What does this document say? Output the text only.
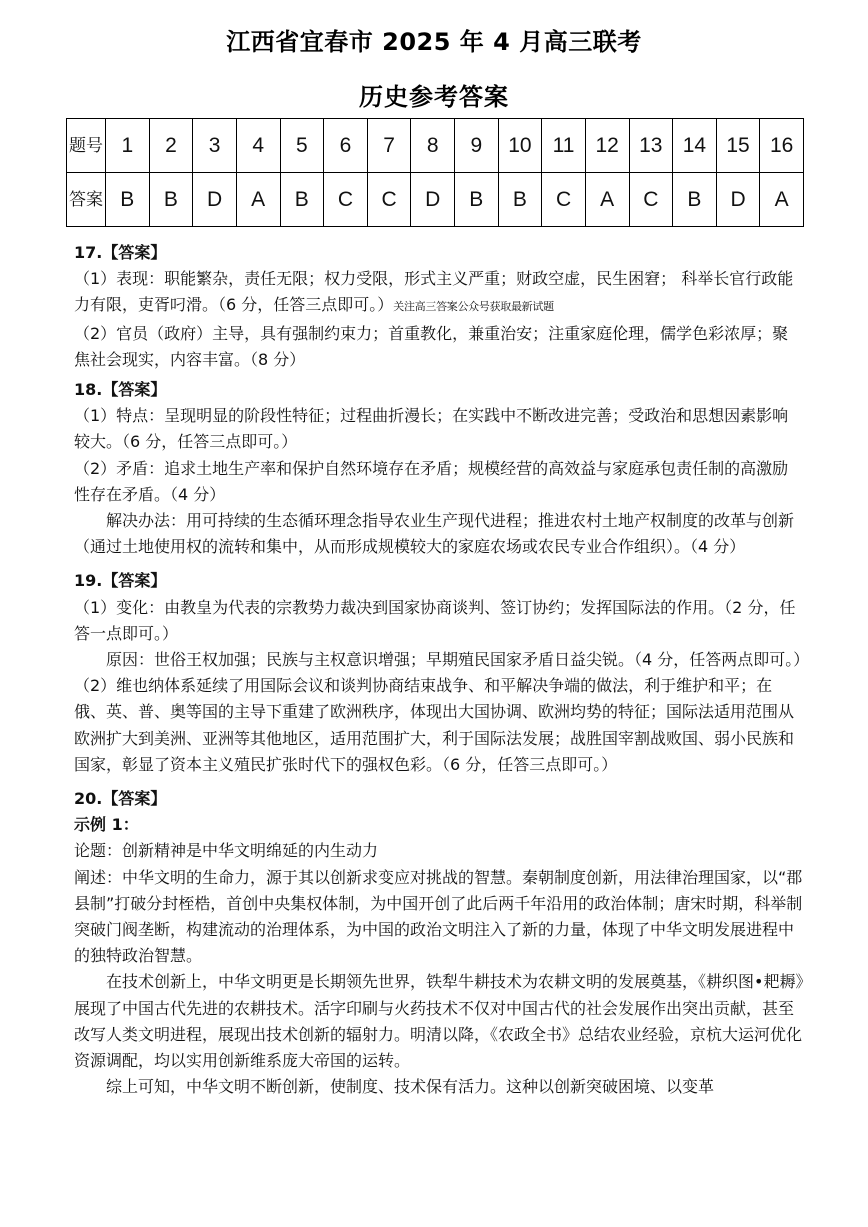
江西省宜春市 2025 年 4 月高三联考
历史参考答案
题号	1	2	3	4	5	6	7	8	9	10	11	12	13	14	15	16
答案	B	B	D	A	B	C	C	D	B	B	C	A	C	B	D	A

17.【答案】

（1）表现：职能繁杂，责任无限；权力受限，形式主义严重；财政空虚，民生困窘； 科举长官行政能力有限，吏胥叼滑。（6 分，任答三点即可。）关注高三答案公众号获取最新试题

（2）官员（政府）主导，具有强制约束力；首重教化，兼重治安；注重家庭伦理，儒学色彩浓厚；聚焦社会现实，内容丰富。（8 分）

18.【答案】

（1）特点：呈现明显的阶段性特征；过程曲折漫长；在实践中不断改进完善；受政治和思想因素影响较大。（6 分，任答三点即可。）

（2）矛盾：追求土地生产率和保护自然环境存在矛盾；规模经营的高效益与家庭承包责任制的高激励性存在矛盾。（4 分）

解决办法：用可持续的生态循环理念指导农业生产现代进程；推进农村土地产权制度的改革与创新（通过土地使用权的流转和集中，从而形成规模较大的家庭农场或农民专业合作组织）。（4 分）

19.【答案】

（1）变化：由教皇为代表的宗教势力裁决到国家协商谈判、签订协约；发挥国际法的作用。（2 分，任答一点即可。）

原因：世俗王权加强；民族与主权意识增强；早期殖民国家矛盾日益尖锐。（4 分，任答两点即可。）

（2）维也纳体系延续了用国际会议和谈判协商结束战争、和平解决争端的做法，利于维护和平；在俄、英、普、奥等国的主导下重建了欧洲秩序，体现出大国协调、欧洲均势的特征；国际法适用范围从欧洲扩大到美洲、亚洲等其他地区，适用范围扩大，利于国际法发展；战胜国宰割战败国、弱小民族和国家，彰显了资本主义殖民扩张时代下的强权色彩。（6 分，任答三点即可。）

20.【答案】

示例 1：

论题：创新精神是中华文明绵延的内生动力

阐述：中华文明的生命力，源于其以创新求变应对挑战的智慧。秦朝制度创新，用法律治理国家，以“郡县制”打破分封桎梏，首创中央集权体制，为中国开创了此后两千年沿用的政治体制；唐宋时期，科举制突破门阀垄断，构建流动的治理体系，为中国的政治文明注入了新的力量，体现了中华文明发展进程中的独特政治智慧。

在技术创新上，中华文明更是长期领先世界，铁犁牛耕技术为农耕文明的发展奠基，《耕织图•耙耨》展现了中国古代先进的农耕技术。活字印刷与火药技术不仅对中国古代的社会发展作出突出贡献，甚至改写人类文明进程，展现出技术创新的辐射力。明清以降，《农政全书》总结农业经验，京杭大运河优化资源调配，均以实用创新维系庞大帝国的运转。

综上可知，中华文明不断创新，使制度、技术保有活力。这种以创新突破困境、以变革
